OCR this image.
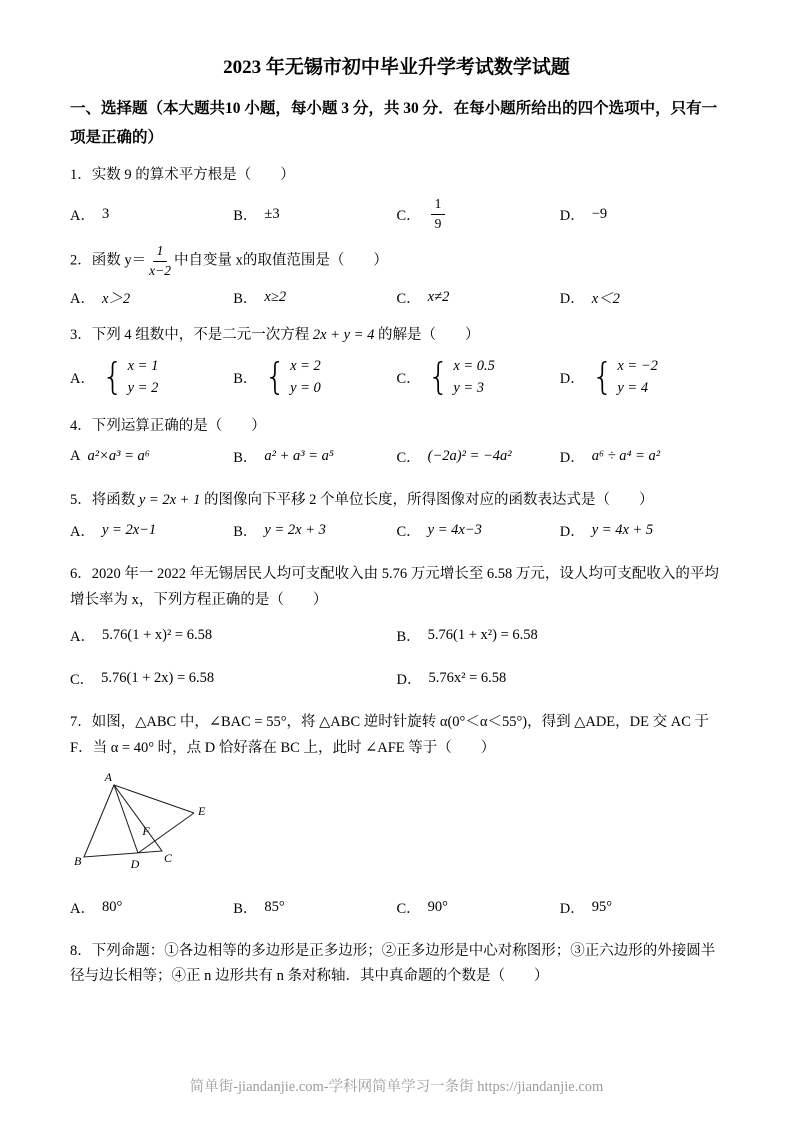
2023 年无锡市初中毕业升学考试数学试题
一、选择题（本大题共10 小题，每小题 3 分，共 30 分．在每小题所给出的四个选项中，只有一项是正确的）
1．实数 9 的算术平方根是（　　）
A． 3	B． ±3	C． $\frac{1}{9}$	D． −9
2．函数 $y= \frac{1}{x-2}$ 中自变量 x的取值范围是（　　）
A． x＞2	B． x≥2	C． x≠2	D． x＜2
3．下列 4 组数中，不是二元一次方程 2x + y = 4 的解是（　　）
A． { x = 1
y = 2
B． { x = 2
y = 0
C． { x = 0.5
y = 3
D． { x = −2
y = 4
4．下列运算正确的是（　　）
A a²×a³ = a⁶	B． a² + a³ = a⁵	C． (−2a)² = −4a²	D． a⁶ ÷ a⁴ = a²
5．将函数 y = 2x + 1 的图像向下平移 2 个单位长度，所得图像对应的函数表达式是（　　）
A． y = 2x−1	B． y = 2x + 3	C． y = 4x−3	D． y = 4x + 5
6．2020 年一 2022 年无锡居民人均可支配收入由 5.76 万元增长至 6.58 万元，设人均可支配收入的平均增长率为 x，下列方程正确的是（　　）
A． 5.76(1 + x)² = 6.58	B． 5.76(1 + x²) = 6.58
C． 5.76(1 + 2x) = 6.58	D． 5.76x² = 6.58
7．如图，△ABC 中，∠BAC = 55°，将 △ABC 逆时针旋转 α(0°＜α＜55°)，得到 △ADE，DE 交 AC 于 F．当 α = 40° 时，点 D 恰好落在 BC 上，此时 ∠AFE 等于（　　）
A
B	C
D
E
F
A． 80°	B． 85°	C． 90°	D． 95°
8．下列命题：①各边相等的多边形是正多边形；②正多边形是中心对称图形；③正六边形的外接圆半径与边长相等；④正 n 边形共有 n 条对称轴．其中真命题的个数是（　　）
简单街-jiandanjie.com-学科网简单学习一条街 https://jiandanjie.com
